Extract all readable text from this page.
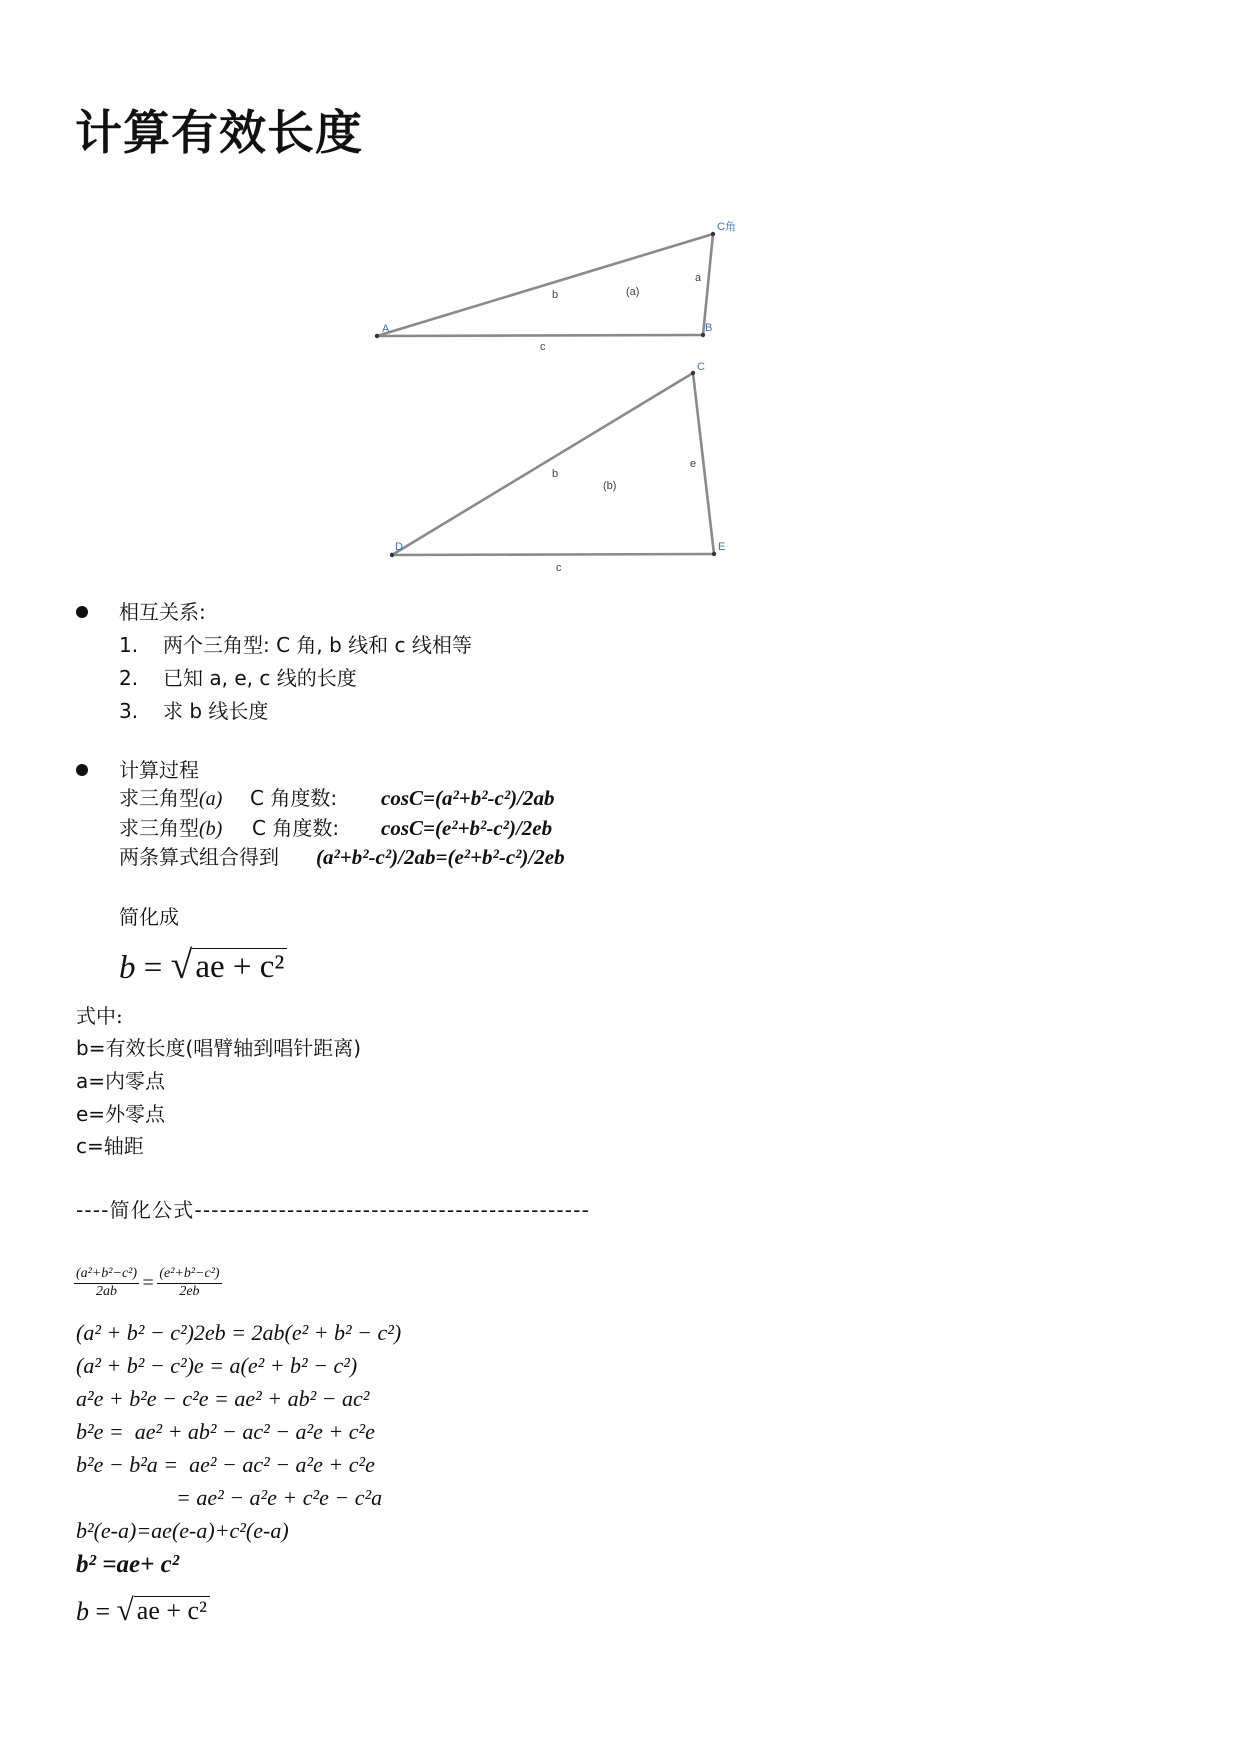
计算有效长度
A	B
C角
a
b
c
(a)
D	E
C
e
b
c
(b)
相互关系:
1. 两个三角型: C 角, b 线和 c 线相等
2. 已知 a, e, c 线的长度
3. 求 b 线长度
计算过程
求三角型(a) C 角度数: cosC=(a²+b²-c²)/2ab
求三角型(b) C 角度数: cosC=(e²+b²-c²)/2eb
两条算式组合得到 (a²+b²-c²)/2ab=(e²+b²-c²)/2eb
简化成
b = √ ae + c²
式中:
b=有效长度(唱臂轴到唱针距离)
a=内零点
e=外零点
c=轴距
----简化公式-----------------------------------------------
$\frac{\text{(a²+b²−c²)}}{2ab} = \frac{\text{(e²+b²−c²)}}{2eb}$
(a² + b² − c²)2eb = 2ab(e² + b² − c²)
(a² + b² − c²)e = a(e² + b² − c²)
a²e + b²e − c²e = ae² + ab² − ac²
b²e =  ae² + ab² − ac² − a²e + c²e
b²e − b²a =  ae² − ac² − a²e + c²e
= ae² − a²e + c²e − c²a
b²(e-a)=ae(e-a)+c²(e-a)
b² =ae+ c²
b = √ ae + c²
